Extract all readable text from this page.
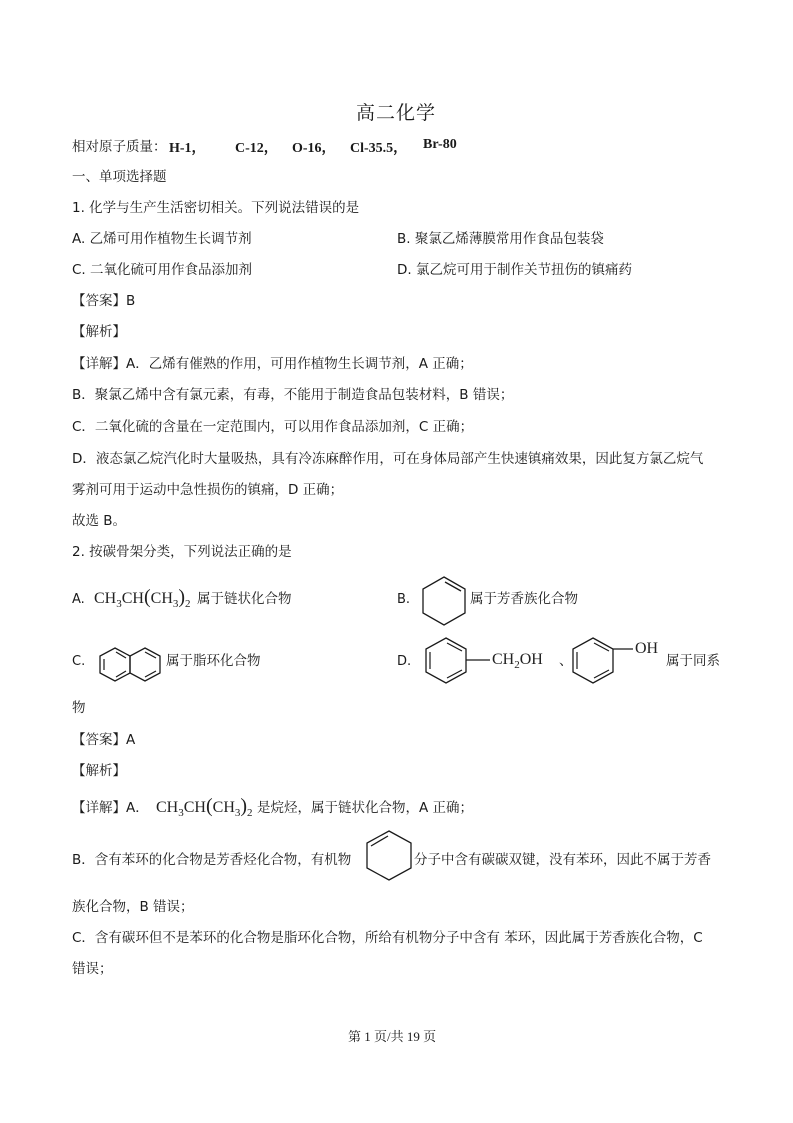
高二化学
相对原子质量： H-1， C-12， O-16， Cl-35.5， Br-80
一、单项选择题
1. 化学与生产生活密切相关。下列说法错误的是
A. 乙烯可用作植物生长调节剂	B. 聚氯乙烯薄膜常用作食品包装袋
C. 二氧化硫可用作食品添加剂	D. 氯乙烷可用于制作关节扭伤的镇痛药
【答案】B
【解析】
【详解】A．乙烯有催熟的作用，可用作植物生长调节剂，A 正确；
B．聚氯乙烯中含有氯元素，有毒，不能用于制造食品包装材料，B 错误；
C．二氧化硫的含量在一定范围内，可以用作食品添加剂，C 正确；
D．液态氯乙烷汽化时大量吸热，具有冷冻麻醉作用，可在身体局部产生快速镇痛效果，因此复方氯乙烷气
雾剂可用于运动中急性损伤的镇痛，D 正确；
故选 B。
2. 按碳骨架分类，下列说法正确的是
A. $CH_3CH(CH_3)_2$ 属于链状化合物	B.	属于芳香族化合物
C.	属于脂环化合物	D.	$CH_2OH$ 、
OH
属于同系
物
【答案】A
【解析】
【详解】A． $CH_3CH(CH_3)_2$ 是烷烃，属于链状化合物，A 正确；
B．含有苯环的化合物是芳香烃化合物，有机物	分子中含有碳碳双键，没有苯环，因此不属于芳香
族化合物，B 错误；
C．含有碳环但不是苯环的化合物是脂环化合物，所给有机物分子中含有 苯环，因此属于芳香族化合物，C
错误；
第 1 页/共 19 页
